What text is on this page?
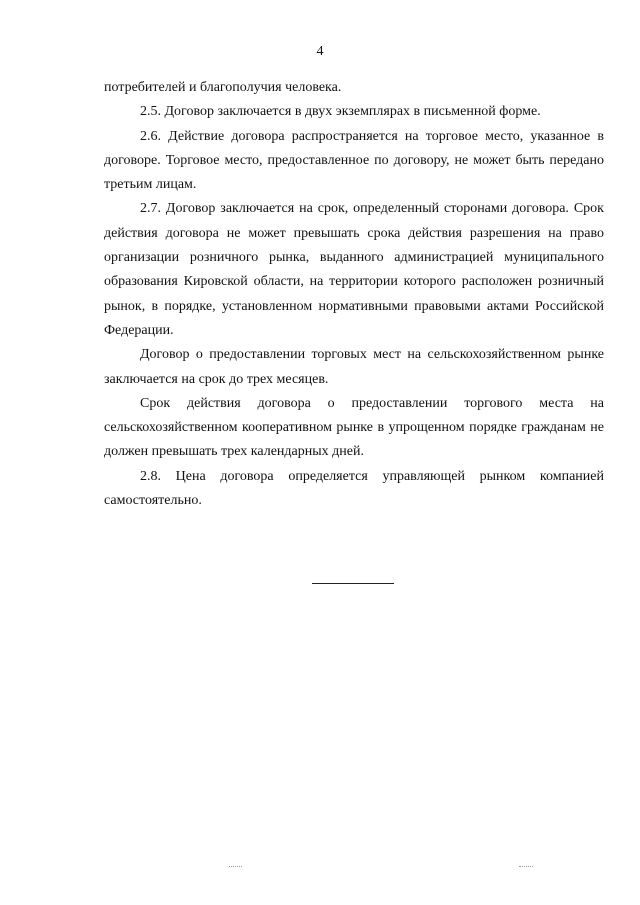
4

потребителей и благополучия человека.

2.5. Договор заключается в двух экземплярах в письменной форме.

2.6. Действие договора распространяется на торговое место, указанное в договоре. Торговое место, предоставленное по договору, не может быть передано третьим лицам.

2.7. Договор заключается на срок, определенный сторонами договора. Срок действия договора не может превышать срока действия разрешения на право организации розничного рынка, выданного администрацией муниципального образования Кировской области, на территории которого расположен розничный рынок, в порядке, установленном нормативными правовыми актами Российской Федерации.

Договор о предоставлении торговых мест на сельскохозяйственном рынке заключается на срок до трех месяцев.

Срок действия договора о предоставлении торгового места на сельскохозяйственном кооперативном рынке в упрощенном порядке гражданам не должен превышать трех календарных дней.

2.8. Цена договора определяется управляющей рынком компанией самостоятельно.
